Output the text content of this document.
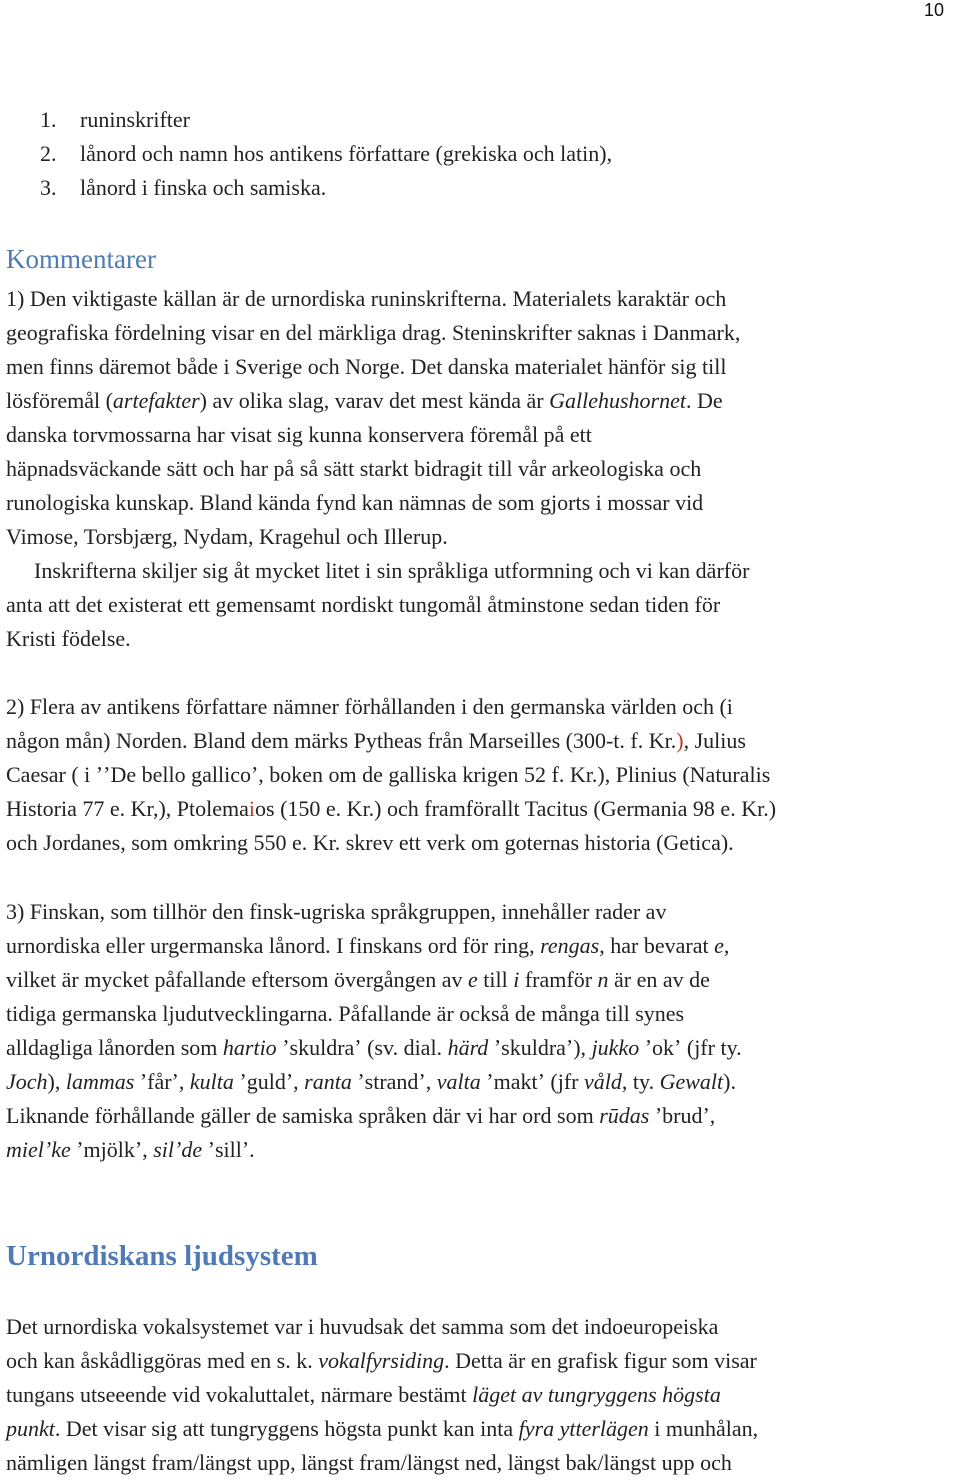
10
1. runinskrifter
2. lånord och namn hos antikens författare (grekiska och latin),
3. lånord i finska och samiska.
Kommentarer
1) Den viktigaste källan är de urnordiska runinskrifterna. Materialets karaktär och
geografiska fördelning visar en del märkliga drag. Steninskrifter saknas i Danmark,
men finns däremot både i Sverige och Norge. Det danska materialet hänför sig till
lösföremål (artefakter) av olika slag, varav det mest kända är Gallehushornet. De
danska torvmossarna har visat sig kunna konservera föremål på ett
häpnadsväckande sätt och har på så sätt starkt bidragit till vår arkeologiska och
runologiska kunskap. Bland kända fynd kan nämnas de som gjorts i mossar vid
Vimose, Torsbjærg, Nydam, Kragehul och Illerup.
Inskrifterna skiljer sig åt mycket litet i sin språkliga utformning och vi kan därför
anta att det existerat ett gemensamt nordiskt tungomål åtminstone sedan tiden för
Kristi födelse.
2) Flera av antikens författare nämner förhållanden i den germanska världen och (i
någon mån) Norden. Bland dem märks Pytheas från Marseilles (300-t. f. Kr.), Julius
Caesar ( i ʼʼDe bello gallicoʼ, boken om de galliska krigen 52 f. Kr.), Plinius (Naturalis
Historia 77 e. Kr,), Ptolemaios (150 e. Kr.) och framförallt Tacitus (Germania 98 e. Kr.)
och Jordanes, som omkring 550 e. Kr. skrev ett verk om goternas historia (Getica).
3) Finskan, som tillhör den finsk-ugriska språkgruppen, innehåller rader av
urnordiska eller urgermanska lånord. I finskans ord för ring, rengas, har bevarat e,
vilket är mycket påfallande eftersom övergången av e till i framför n är en av de
tidiga germanska ljudutvecklingarna. Påfallande är också de många till synes
alldagliga lånorden som hartio ʼskuldraʼ (sv. dial. härd ʼskuldraʼ), jukko ʼokʼ (jfr ty.
Joch), lammas ʼfårʼ, kulta ʼguldʼ, ranta ʼstrandʼ, valta ʼmaktʼ (jfr våld, ty. Gewalt).
Liknande förhållande gäller de samiska språken där vi har ord som rūdas ʼbrudʼ,
mielʼke ʼmjölkʼ, silʼde ʼsillʼ.
Urnordiskans ljudsystem
Det urnordiska vokalsystemet var i huvudsak det samma som det indoeuropeiska
och kan åskådliggöras med en s. k. vokalfyrsiding. Detta är en grafisk figur som visar
tungans utseeende vid vokaluttalet, närmare bestämt läget av tungryggens högsta
punkt. Det visar sig att tungryggens högsta punkt kan inta fyra ytterlägen i munhålan,
nämligen längst fram/längst upp, längst fram/längst ned, längst bak/längst upp och
